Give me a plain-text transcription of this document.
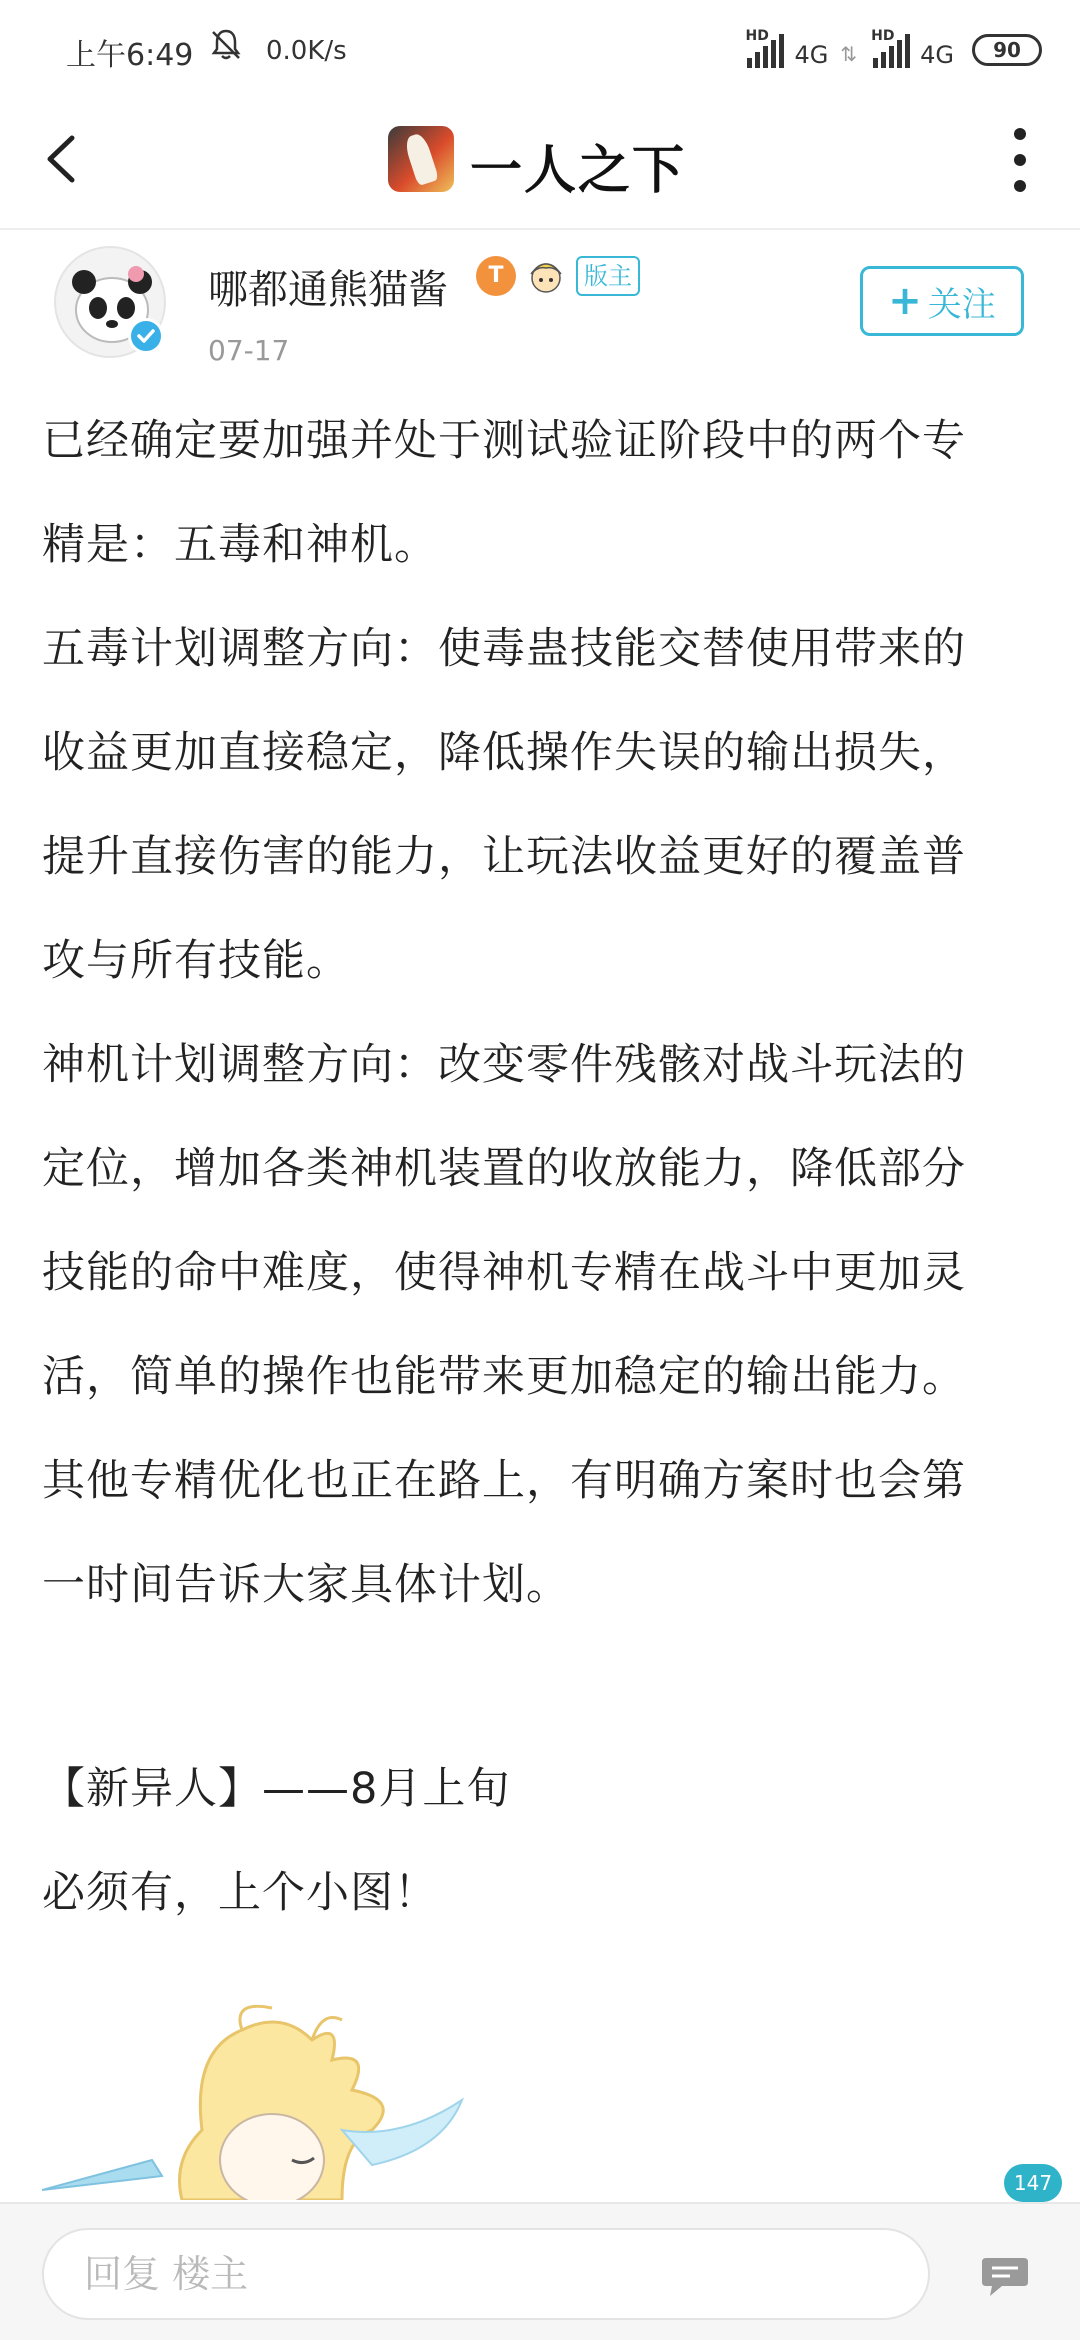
上午6:49	0.0K/s	HD
4G ⇅
HD
4G	90
一人之下
哪都通熊猫酱	T	版主
07-17
+ 关注
已经确定要加强并处于测试验证阶段中的两个专
精是：五毒和神机。
五毒计划调整方向：使毒蛊技能交替使用带来的
收益更加直接稳定，降低操作失误的输出损失，
提升直接伤害的能力，让玩法收益更好的覆盖普
攻与所有技能。
神机计划调整方向：改变零件残骸对战斗玩法的
定位，增加各类神机装置的收放能力，降低部分
技能的命中难度，使得神机专精在战斗中更加灵
活，简单的操作也能带来更加稳定的输出能力。
其他专精优化也正在路上，有明确方案时也会第
一时间告诉大家具体计划。
【新异人】——8月上旬
必须有，上个小图！
147
回复 楼主
